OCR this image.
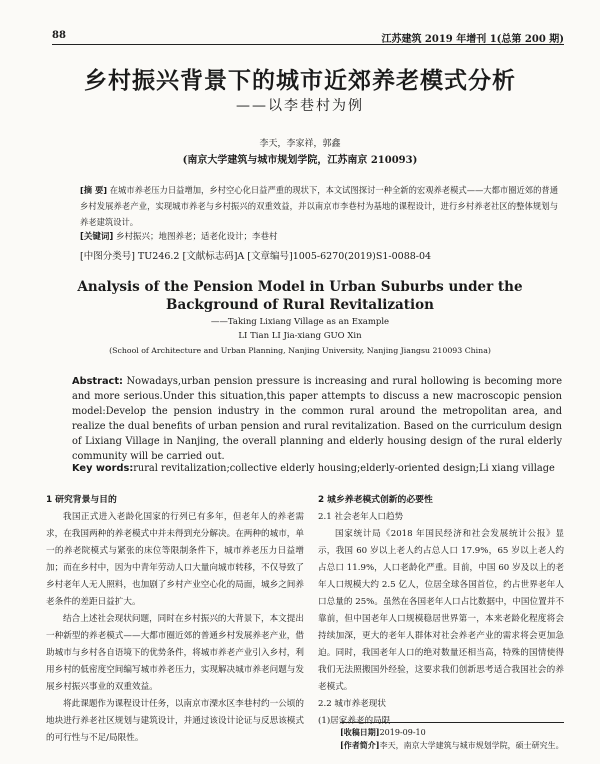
88	江苏建筑 2019 年增刊 1(总第 200 期)
乡村振兴背景下的城市近郊养老模式分析
——以李巷村为例
李天，李家祥，郭鑫
(南京大学建筑与城市规划学院，江苏南京 210093)
[摘 要] 在城市养老压力日益增加，乡村空心化日益严重的现状下，本文试图探讨一种全新的宏观养老模式——大都市圈近郊的普通乡村发展养老产业，实现城市养老与乡村振兴的双重效益，并以南京市李巷村为基地的课程设计，进行乡村养老社区的整体规划与养老建筑设计。
[关键词] 乡村振兴；地图养老；适老化设计；李巷村
[中图分类号] TU246.2 [文献标志码]A [文章编号]1005-6270(2019)S1-0088-04
Analysis of the Pension Model in Urban Suburbs under the Background of Rural Revitalization
——Taking Lixiang Village as an Example
LI Tian LI Jia-xiang GUO Xin
(School of Architecture and Urban Planning, Nanjing University, Nanjing Jiangsu 210093 China)
Abstract: Nowadays,urban pension pressure is increasing and rural hollowing is becoming more and more serious.Under this situation,this paper attempts to discuss a new macroscopic pension model:Develop the pension industry in the common rural around the metropolitan area, and realize the dual benefits of urban pension and rural revitalization. Based on the curriculum design of Lixiang Village in Nanjing, the overall planning and elderly housing design of the rural elderly community will be carried out.
Key words:rural revitalization;collective elderly housing;elderly-oriented design;Li xiang village

1 研究背景与目的

我国正式进入老龄化国家的行列已有多年，但老年人的养老需求，在我国两种的养老模式中并未得到充分解决。在两种的城市，单一的养老院模式与紧张的床位等限制条件下，城市养老压力日益增加；而在乡村中，因为中青年劳动人口大量向城市转移，不仅导致了乡村老年人无人照料，也加剧了乡村产业空心化的局面，城乡之间养老条件的差距日益扩大。

结合上述社会现状问题，同时在乡村振兴的大背景下，本文提出一种新型的养老模式——大都市圈近郊的普通乡村发展养老产业，借助城市与乡村各自语境下的优势条件，将城市养老产业引入乡村，利用乡村的低密度空间编写城市养老压力，实现解决城市养老问题与发展乡村振兴事业的双重效益。

将此课题作为课程设计任务，以南京市溧水区李巷村约一公顷的地块进行养老社区规划与建筑设计，并通过该设计论证与反思该模式的可行性与不足/局限性。

2 城乡养老模式创新的必要性

2.1 社会老年人口趋势

国家统计局《2018 年国民经济和社会发展统计公报》显示，我国 60 岁以上老人约占总人口 17.9%，65 岁以上老人约占总口 11.9%，人口老龄化严重。目前，中国 60 岁及以上的老年人口规模大约 2.5 亿人，位居全球各国首位，约占世界老年人口总量的 25%。虽然在各国老年人口占比数据中，中国位置并不靠前，但中国老年人口规模稳居世界第一，本来老龄化程度将会持续加深，更大的老年人群体对社会养老产业的需求将会更加急迫。同时，我国老年人口的绝对数量还相当高，特殊的国情使得我们无法照搬国外经验，这要求我们创新思考适合我国社会的养老模式。

2.2 城市养老现状

(1)居家养老的局限

[收稿日期]2019-09-10
[作者简介]李天，南京大学建筑与城市规划学院，硕士研究生。
